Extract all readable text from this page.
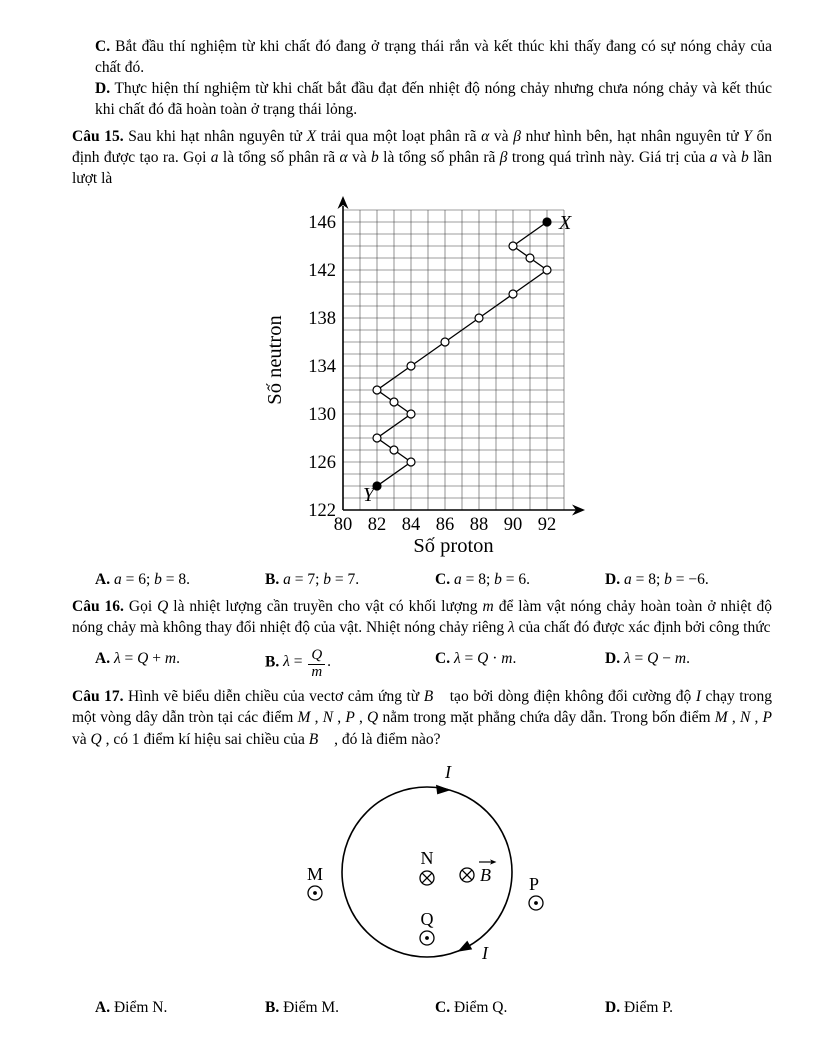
C. Bắt đầu thí nghiệm từ khi chất đó đang ở trạng thái rắn và kết thúc khi thấy đang có sự nóng chảy của chất đó.

D. Thực hiện thí nghiệm từ khi chất bắt đầu đạt đến nhiệt độ nóng chảy nhưng chưa nóng chảy và kết thúc khi chất đó đã hoàn toàn ở trạng thái lỏng.

Câu 15. Sau khi hạt nhân nguyên tử X trải qua một loạt phân rã α và β như hình bên, hạt nhân nguyên tử Y ổn định được tạo ra. Gọi a là tổng số phân rã α và b là tổng số phân rã β trong quá trình này. Giá trị của a và b lần lượt là

122
126
130
134
138
142
146
80 82 84 86 88 90 92
Số proton
Số neutron
X
Y
A. a = 6; b = 8.	B. a = 7; b = 7.	C. a = 8; b = 6.	D. a = 8; b = −6.

Câu 16. Gọi Q là nhiệt lượng cần truyền cho vật có khối lượng m để làm vật nóng chảy hoàn toàn ở nhiệt độ nóng chảy mà không thay đổi nhiệt độ của vật. Nhiệt nóng chảy riêng λ của chất đó được xác định bởi công thức

A. λ = Q + m.	B. $\lambda = \frac{Q}{m}$ .	C. λ = Q · m.	D. λ = Q − m.

Câu 17. Hình vẽ biểu diễn chiều của vectơ cảm ứng từ B⃗ tạo bởi dòng điện không đổi cường độ I chạy trong một vòng dây dẫn tròn tại các điểm M , N , P , Q nằm trong mặt phẳng chứa dây dẫn. Trong bốn điểm M , N , P và Q , có 1 điểm kí hiệu sai chiều của B⃗ , đó là điểm nào?

I
I
M
N
B P
Q
A. Điểm N.	B. Điểm M.	C. Điểm Q.	D. Điểm P.
